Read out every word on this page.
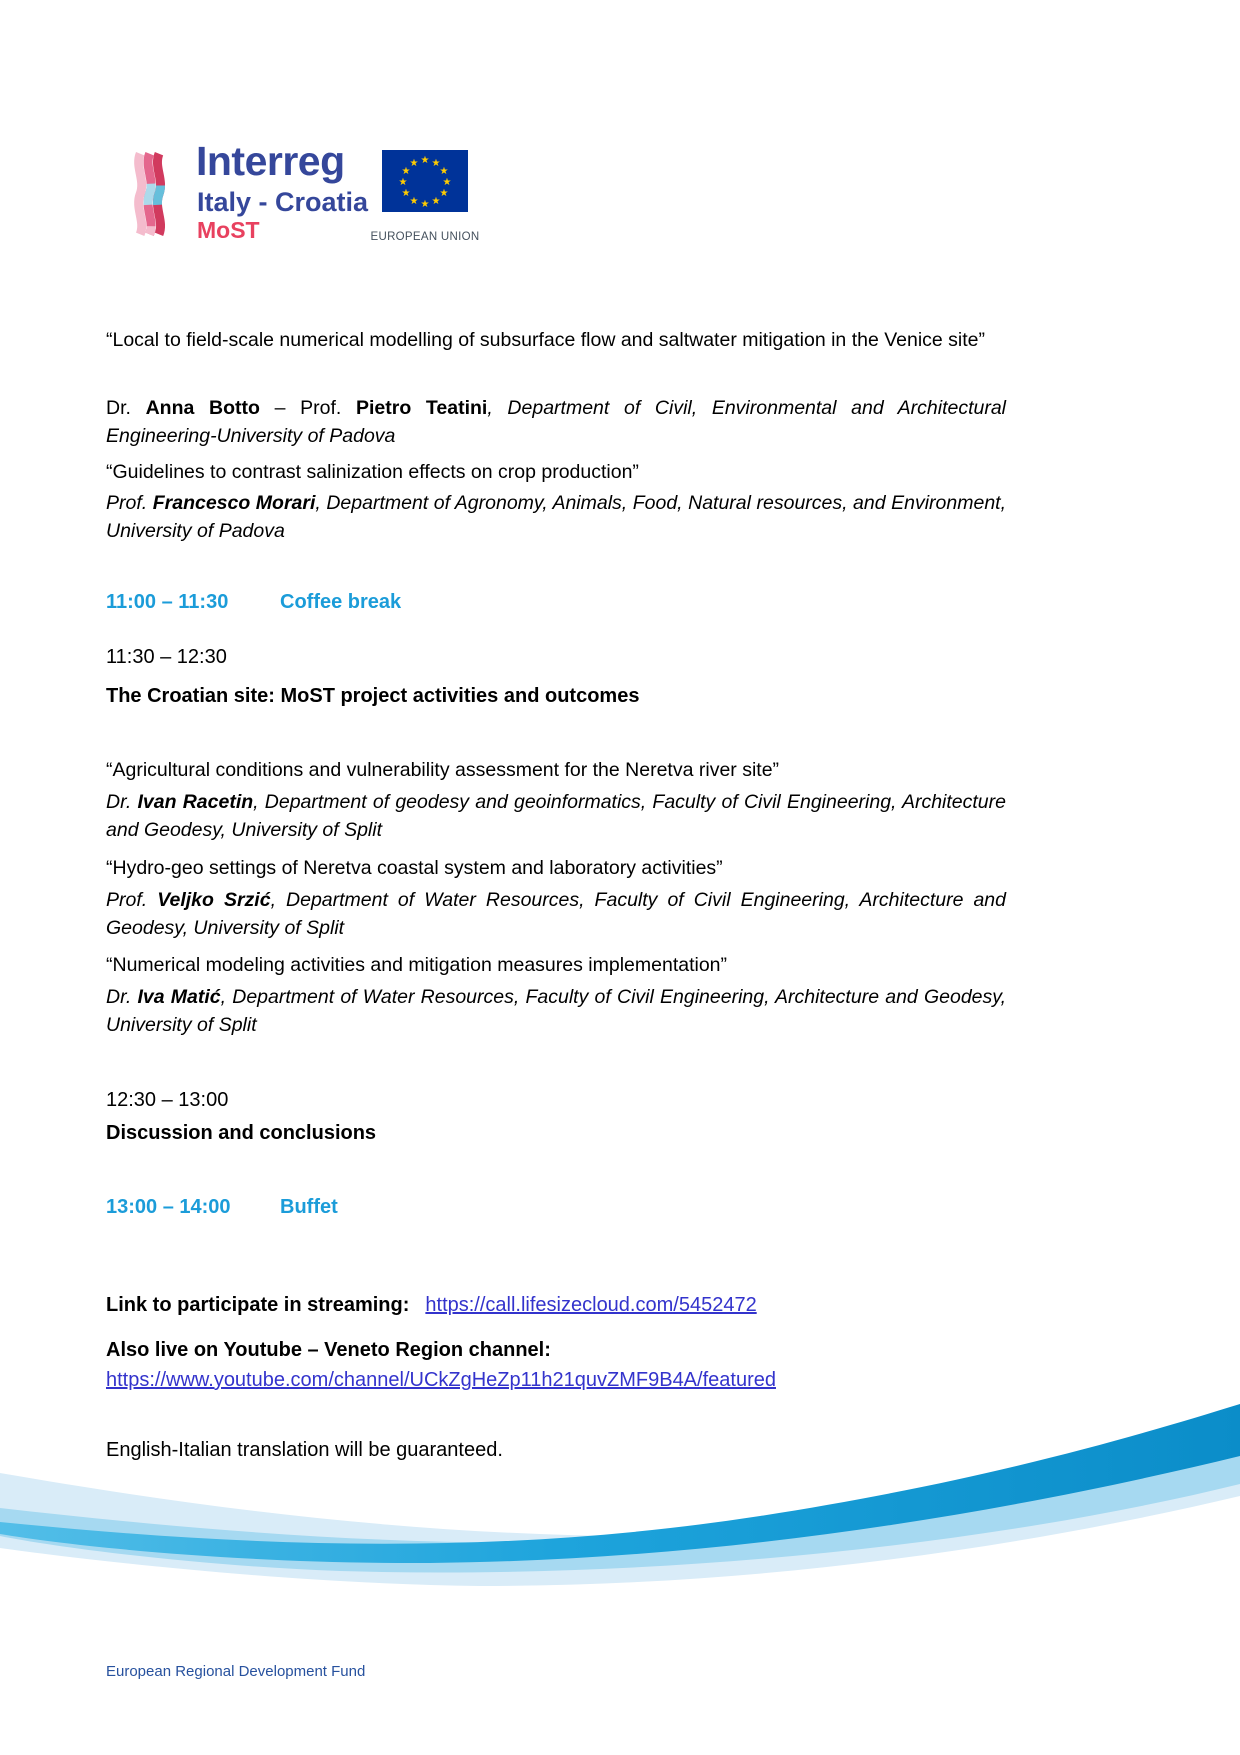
Interreg
Italy - Croatia
MoST
★ ★
★
★
★
★
★
★
★
★
★
★
EUROPEAN UNION

“Local to field-scale numerical modelling of subsurface flow and saltwater mitigation in the Venice site”

Dr. Anna Botto – Prof. Pietro Teatini, Department of Civil, Environmental and Architectural Engineering-University of Padova

“Guidelines to contrast salinization effects on crop production”

Prof. Francesco Morari, Department of Agronomy, Animals, Food, Natural resources, and Environment, University of Padova

11:00 – 11:30	Coffee break
11:30 – 12:30
The Croatian site: MoST project activities and outcomes

“Agricultural conditions and vulnerability assessment for the Neretva river site”

Dr. Ivan Racetin, Department of geodesy and geoinformatics, Faculty of Civil Engineering, Architecture and Geodesy, University of Split

“Hydro-geo settings of Neretva coastal system and laboratory activities”

Prof. Veljko Srzić, Department of Water Resources, Faculty of Civil Engineering, Architecture and Geodesy, University of Split

“Numerical modeling activities and mitigation measures implementation”

Dr. Iva Matić, Department of Water Resources, Faculty of Civil Engineering, Architecture and Geodesy, University of Split

12:30 – 13:00
Discussion and conclusions
13:00 – 14:00 Buffet
Link to participate in streaming: https://call.lifesizecloud.com/5452472
Also live on Youtube – Veneto Region channel:
https://www.youtube.com/channel/UCkZgHeZp11h21quvZMF9B4A/featured
English-Italian translation will be guaranteed.
European Regional Development Fund
